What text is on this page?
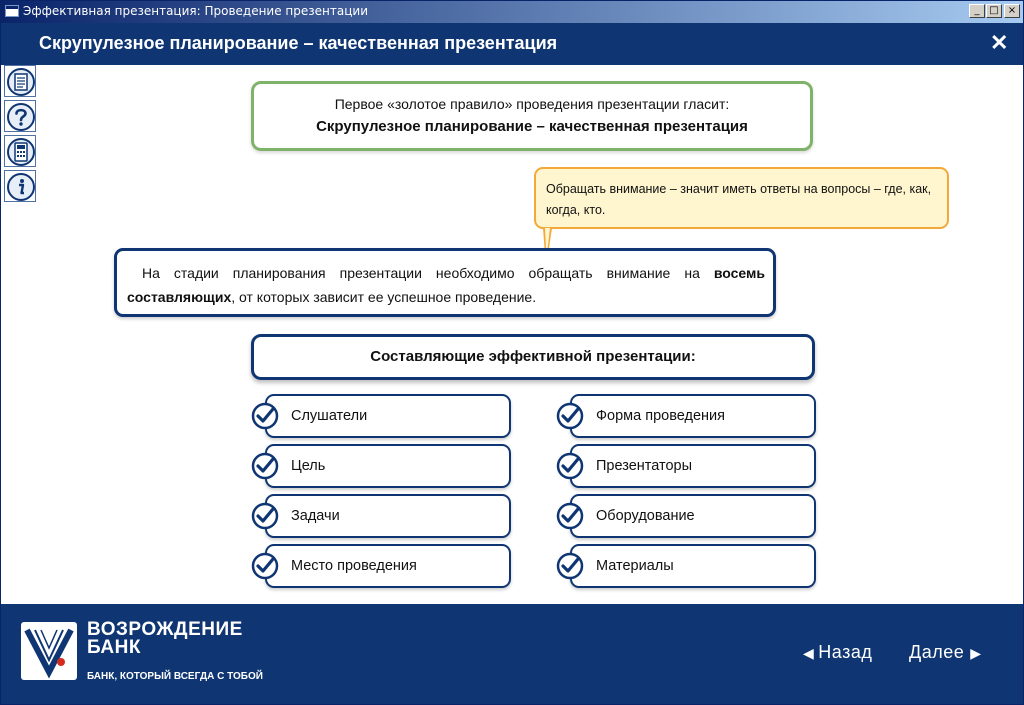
Эффективная презентация: Проведение презентации	_ □ ×
Скрупулезное планирование – качественная презентация	✕
Первое «золотое правило» проведения презентации гласит:
Скрупулезное планирование – качественная презентация
Обращать внимание – значит иметь ответы на вопросы – где, как, когда, кто.
На стадии планирования презентации необходимо обращать внимание на восемь составляющих, от которых зависит ее успешное проведение.
Составляющие эффективной презентации:
Слушатели
Цель
Задачи
Место проведения
Форма проведения
Презентаторы
Оборудование
Материалы
ВОЗРОЖДЕНИЕ
БАНК
БАНК, КОТОРЫЙ ВСЕГДА С ТОБОЙ
◀ Назад Далее ▶
